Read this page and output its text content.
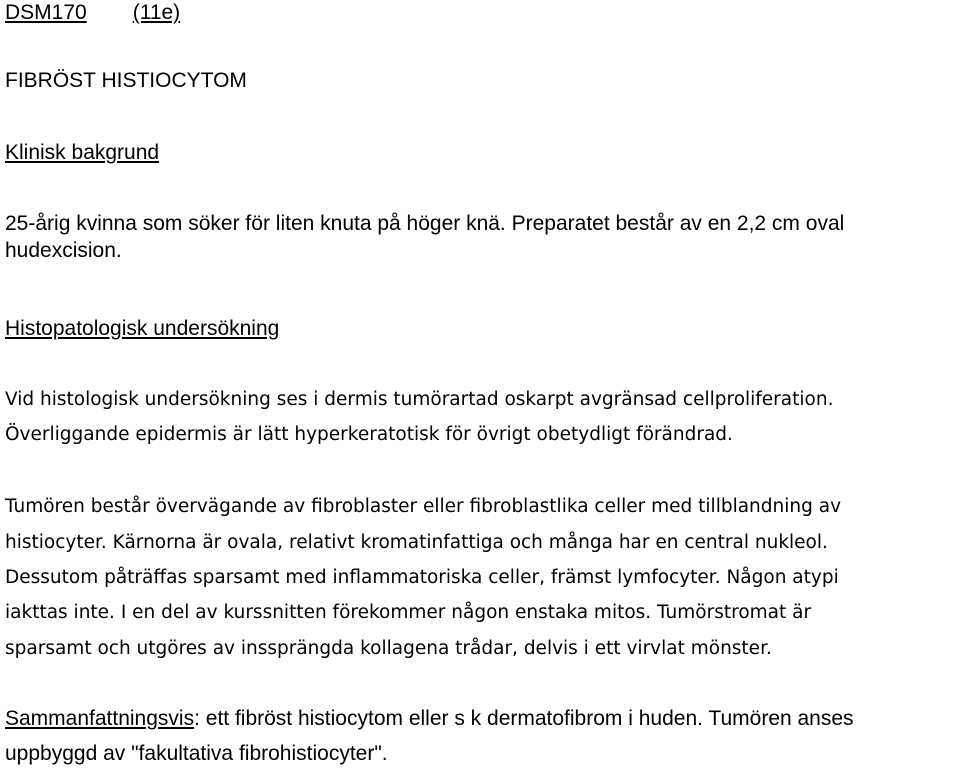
DSM170 (11e)
FIBRÖST HISTIOCYTOM
Klinisk bakgrund
25-årig kvinna som söker för liten knuta på höger knä. Preparatet består av en 2,2 cm oval
hudexcision.
Histopatologisk undersökning
Vid histologisk undersökning ses i dermis tumörartad oskarpt avgränsad cellproliferation.
Överliggande epidermis är lätt hyperkeratotisk för övrigt obetydligt förändrad.
Tumören består övervägande av fibroblaster eller fibroblastlika celler med tillblandning av
histiocyter. Kärnorna är ovala, relativt kromatinfattiga och många har en central nukleol.
Dessutom påträffas sparsamt med inflammatoriska celler, främst lymfocyter. Någon atypi
iakttas inte. I en del av kurssnitten förekommer någon enstaka mitos. Tumörstromat är
sparsamt och utgöres av inssprängda kollagena trådar, delvis i ett virvlat mönster.
Sammanfattningsvis: ett fibröst histiocytom eller s k dermatofibrom i huden. Tumören anses
uppbyggd av "fakultativa fibrohistiocyter".
